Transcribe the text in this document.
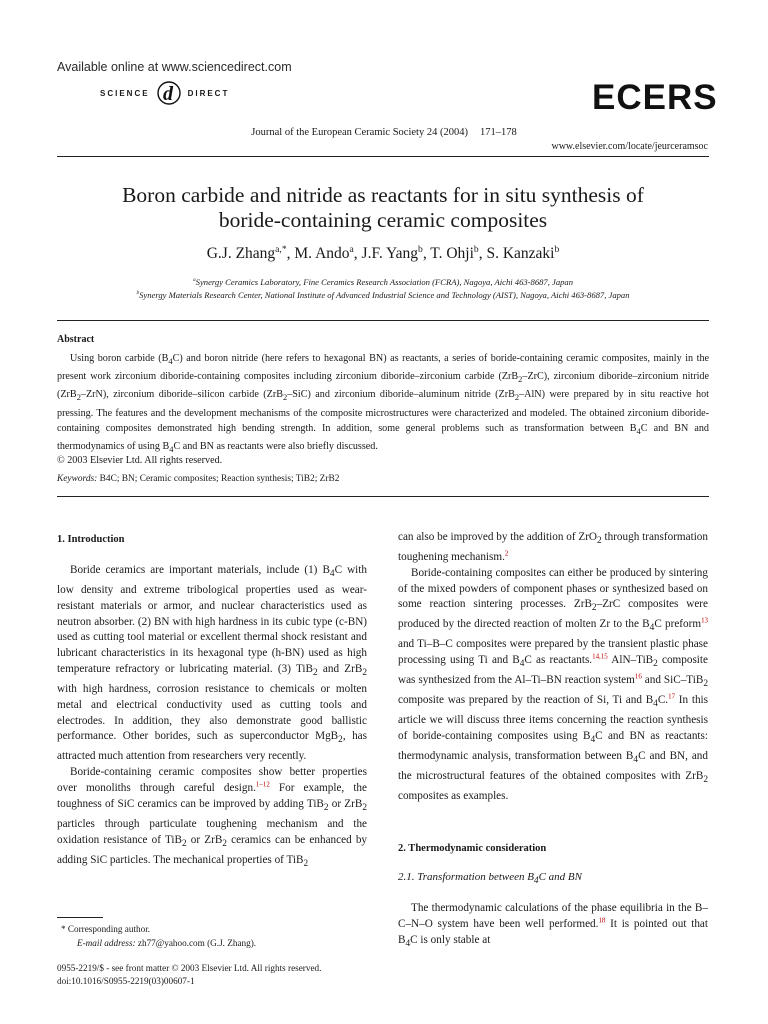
Available online at www.sciencedirect.com
SCIENCE d DIRECT	ECERS
Journal of the European Ceramic Society 24 (2004) 171–178
www.elsevier.com/locate/jeurceramsoc
Boron carbide and nitride as reactants for in situ synthesis of
boride-containing ceramic composites
G.J. Zhang$^{a,*}$, M. Ando$^a$, J.F. Yang$^b$, T. Ohji$^b$, S. Kanzaki$^b$
$^a$Synergy Ceramics Laboratory, Fine Ceramics Research Association (FCRA), Nagoya, Aichi 463-8687, Japan
$^b$Synergy Materials Research Center, National Institute of Advanced Industrial Science and Technology (AIST), Nagoya, Aichi 463-8687, Japan
Abstract

Using boron carbide $(B_4C)$ and boron nitride (here refers to hexagonal BN) as reactants, a series of boride-containing ceramic composites, mainly in the present work zirconium diboride-containing composites including zirconium diboride–zirconium carbide (ZrB$_2$–ZrC), zirconium diboride–zirconium nitride (ZrB$_2$–ZrN), zirconium diboride–silicon carbide (ZrB$_2$–SiC) and zirconium diboride–aluminum nitride (ZrB$_2$–AlN) were prepared by in situ reactive hot pressing. The features and the development mechanisms of the composite microstructures were characterized and modeled. The obtained zirconium diboride-containing composites demonstrated high bending strength. In addition, some general problems such as transformation between $B_4C$ and BN and thermodynamics of using $B_4C$ and BN as reactants were also briefly discussed.

© 2003 Elsevier Ltd. All rights reserved.
Keywords: B4C; BN; Ceramic composites; Reaction synthesis; TiB2; ZrB2
1. Introduction

Boride ceramics are important materials, include (1) $B_4C$ with low density and extreme tribological properties used as wear-resistant materials or armor, and nuclear characteristics used as neutron absorber. (2) BN with high hardness in its cubic type (c-BN) used as cutting tool material or excellent thermal shock resistant and lubricant characteristics in its hexagonal type (h-BN) used as high temperature refractory or lubricating material. (3) TiB$_2$ and ZrB$_2$ with high hardness, corrosion resistance to chemicals or molten metal and electrical conductivity used as cutting tools and electrodes. In addition, they also demonstrate good ballistic performance. Other borides, such as superconductor MgB$_2$, has attracted much attention from researchers very recently.

Boride-containing ceramic composites show better properties over monoliths through careful design.$^{1-12}$ For example, the toughness of SiC ceramics can be improved by adding TiB$_2$ or ZrB$_2$ particles through particulate toughening mechanism and the oxidation resistance of TiB$_2$ or ZrB$_2$ ceramics can be enhanced by adding SiC particles. The mechanical properties of TiB$_2$

* Corresponding author.
E-mail address: zh77@yahoo.com (G.J. Zhang).
0955-2219/$ - see front matter © 2003 Elsevier Ltd. All rights reserved.
doi:10.1016/S0955-2219(03)00607-1

can also be improved by the addition of ZrO$_2$ through transformation toughening mechanism.$^2$

Boride-containing composites can either be produced by sintering of the mixed powders of component phases or synthesized based on some reaction sintering processes. ZrB$_2$–ZrC composites were produced by the directed reaction of molten Zr to the $B_4C$ preform$^{13}$ and Ti–B–C composites were prepared by the transient plastic phase processing using Ti and $B_4C$ as reactants.$^{14,15}$ AlN–TiB$_2$ composite was synthesized from the Al–Ti–BN reaction system$^{16}$ and SiC–TiB$_2$ composite was prepared by the reaction of Si, Ti and $B_4C.^{17}$ In this article we will discuss three items concerning the reaction synthesis of boride-containing composites using $B_4C$ and BN as reactants: thermodynamic analysis, transformation between $B_4C$ and BN, and the microstructural features of the obtained composites with ZrB$_2$ composites as examples.

2. Thermodynamic consideration
2.1. Transformation between $B_4C$ and BN

The thermodynamic calculations of the phase equilibria in the B–C–N–O system have been well performed.$^{18}$ It is pointed out that $B_4C$ is only stable at
